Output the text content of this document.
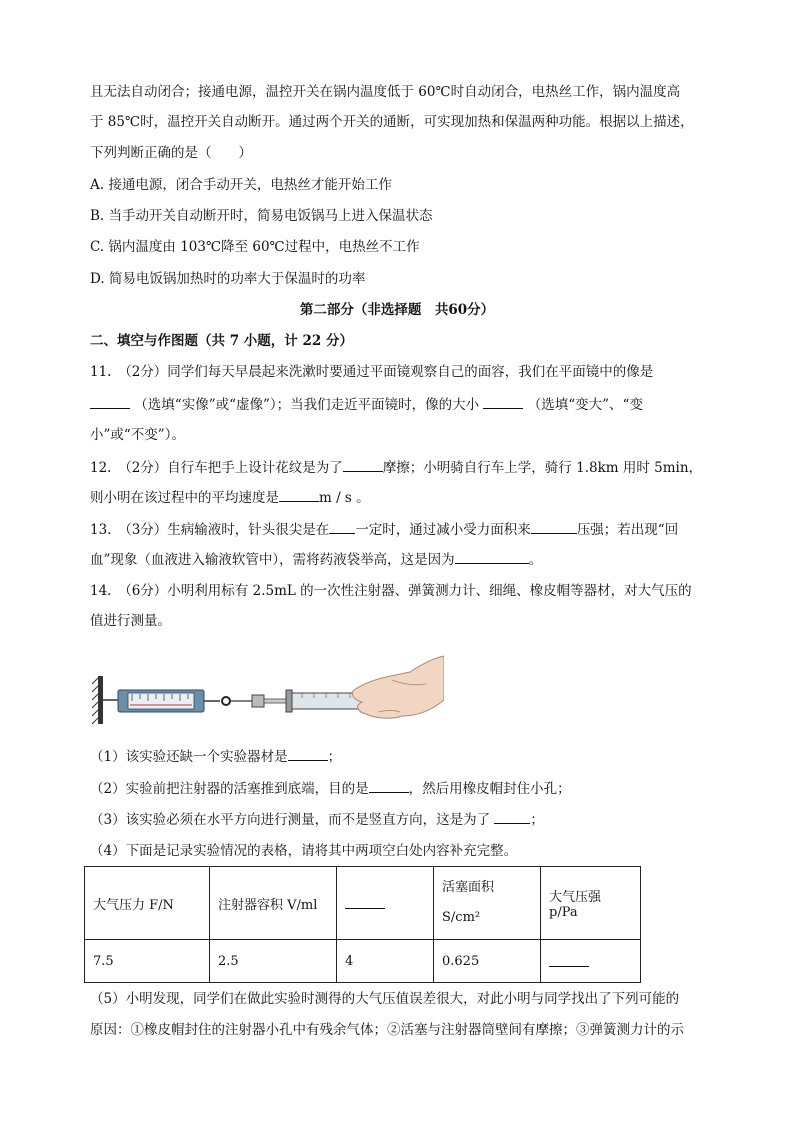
且无法自动闭合；接通电源，温控开关在锅内温度低于 60℃时自动闭合，电热丝工作，锅内温度高
于 85℃时，温控开关自动断开。通过两个开关的通断，可实现加热和保温两种功能。根据以上描述，
下列判断正确的是（　　）
A. 接通电源，闭合手动开关，电热丝才能开始工作
B. 当手动开关自动断开时，简易电饭锅马上进入保温状态
C. 锅内温度由 103℃降至 60℃过程中，电热丝不工作
D. 简易电饭锅加热时的功率大于保温时的功率
第二部分（非选择题　共60分）
二、填空与作图题（共 7 小题，计 22 分）
11.　（2分）同学们每天早晨起来洗漱时要通过平面镜观察自己的面容，我们在平面镜中的像是
（选填“实像”或“虚像”）；当我们走近平面镜时，像的大小	（选填“变大”、“变
小”或“不变”）。
12.　（2分）自行车把手上设计花纹是为了	摩擦；小明骑自行车上学，骑行 1.8km 用时 5min，
则小明在该过程中的平均速度是	m / s 。
13.　（3分）生病输液时，针头很尖是在 一定时，通过减小受力面积来	压强；若出现“回
血”现象（血液进入输液软管中），需将药液袋举高，这是因为	。
14.　（6分）小明利用标有 2.5mL 的一次性注射器、弹簧测力计、细绳、橡皮帽等器材，对大气压的
值进行测量。
（1）该实验还缺一个实验器材是	；
（2）实验前把注射器的活塞推到底端，目的是	，然后用橡皮帽封住小孔；
（3）该实验必须在水平方向进行测量，而不是竖直方向，这是为了	；
（4）下面是记录实验情况的表格，请将其中两项空白处内容补充完整。
大气压力 F/N	注射器容积 V/ml		活塞面积
S/cm²	大气压强 p/Pa
7.5	2.5	4	0.625	
（5）小明发现，同学们在做此实验时测得的大气压值误差很大，对此小明与同学找出了下列可能的
原因：①橡皮帽封住的注射器小孔中有残余气体；②活塞与注射器筒壁间有摩擦；③弹簧测力计的示
